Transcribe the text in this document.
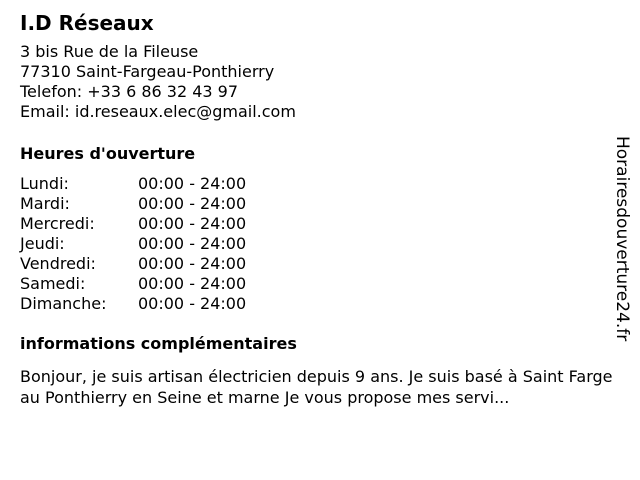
I.D Réseaux
3 bis Rue de la Fileuse
77310 Saint-Fargeau-Ponthierry
Telefon: +33 6 86 32 43 97
Email: id.reseaux.elec@gmail.com
Heures d'ouverture
Lundi:	00:00 - 24:00
Mardi:	00:00 - 24:00
Mercredi:	00:00 - 24:00
Jeudi:	00:00 - 24:00
Vendredi:	00:00 - 24:00
Samedi:	00:00 - 24:00
Dimanche:	00:00 - 24:00
informations complémentaires
Bonjour, je suis artisan électricien depuis 9 ans. Je suis basé à Saint Fargeau Ponthierry en Seine et marne Je vous propose mes servi...
Horairesdouverture24.fr
